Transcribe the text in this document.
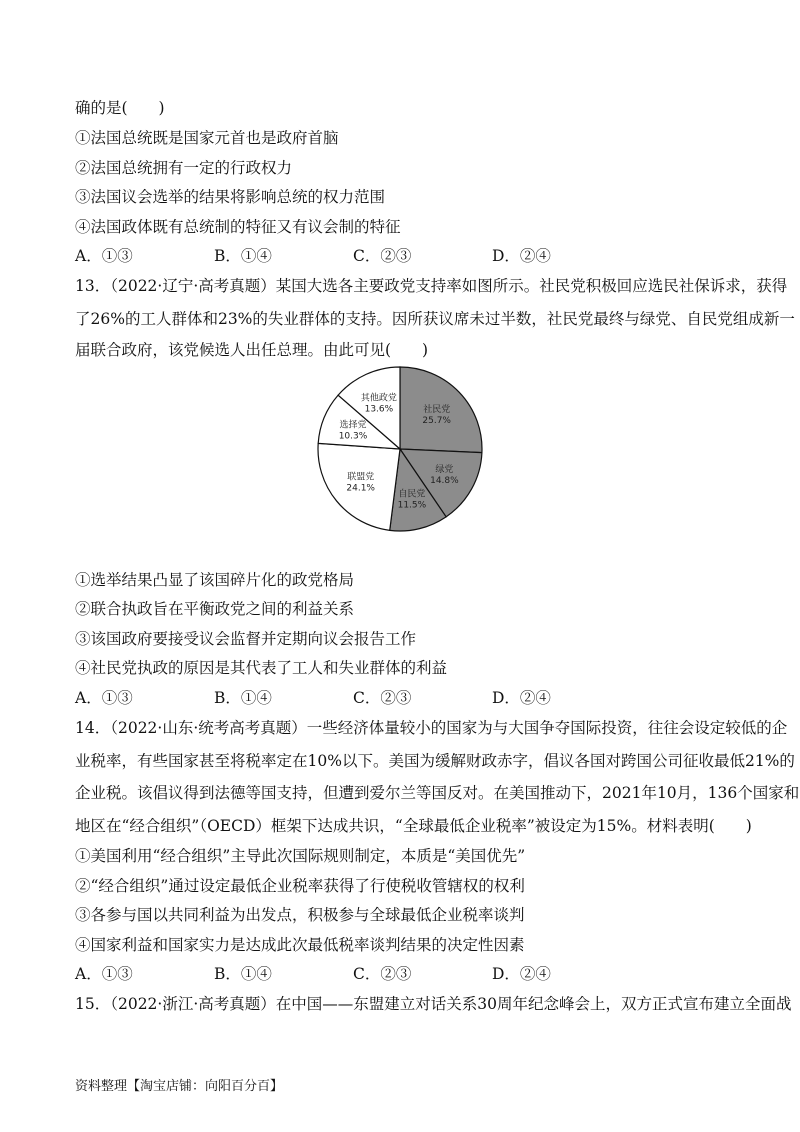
确的是(　　)
①法国总统既是国家元首也是政府首脑
②法国总统拥有一定的行政权力
③法国议会选举的结果将影响总统的权力范围
④法国政体既有总统制的特征又有议会制的特征
A．①③	B．①④	C．②③	D．②④
13．（2022·辽宁·高考真题）某国大选各主要政党支持率如图所示。社民党积极回应选民社保诉求，获得
了26%的工人群体和23%的失业群体的支持。因所获议席未过半数，社民党最终与绿党、自民党组成新一
届联合政府，该党候选人出任总理。由此可见(　　)
社民党
25.7%
绿党
14.8%
自民党
11.5%
联盟党
24.1%
选择党
10.3%
其他政党
13.6%
①选举结果凸显了该国碎片化的政党格局
②联合执政旨在平衡政党之间的利益关系
③该国政府要接受议会监督并定期向议会报告工作
④社民党执政的原因是其代表了工人和失业群体的利益
A．①③	B．①④	C．②③	D．②④
14．（2022·山东·统考高考真题）一些经济体量较小的国家为与大国争夺国际投资，往往会设定较低的企
业税率，有些国家甚至将税率定在10%以下。美国为缓解财政赤字，倡议各国对跨国公司征收最低21%的
企业税。该倡议得到法德等国支持，但遭到爱尔兰等国反对。在美国推动下，2021年10月，136个国家和
地区在“经合组织”（OECD）框架下达成共识，“全球最低企业税率”被设定为15%。材料表明(　　)
①美国利用“经合组织”主导此次国际规则制定，本质是“美国优先”
②“经合组织”通过设定最低企业税率获得了行使税收管辖权的权利
③各参与国以共同利益为出发点，积极参与全球最低企业税率谈判
④国家利益和国家实力是达成此次最低税率谈判结果的决定性因素
A．①③	B．①④	C．②③	D．②④
15．（2022·浙江·高考真题）在中国——东盟建立对话关系30周年纪念峰会上，双方正式宣布建立全面战
资料整理【淘宝店铺：向阳百分百】
